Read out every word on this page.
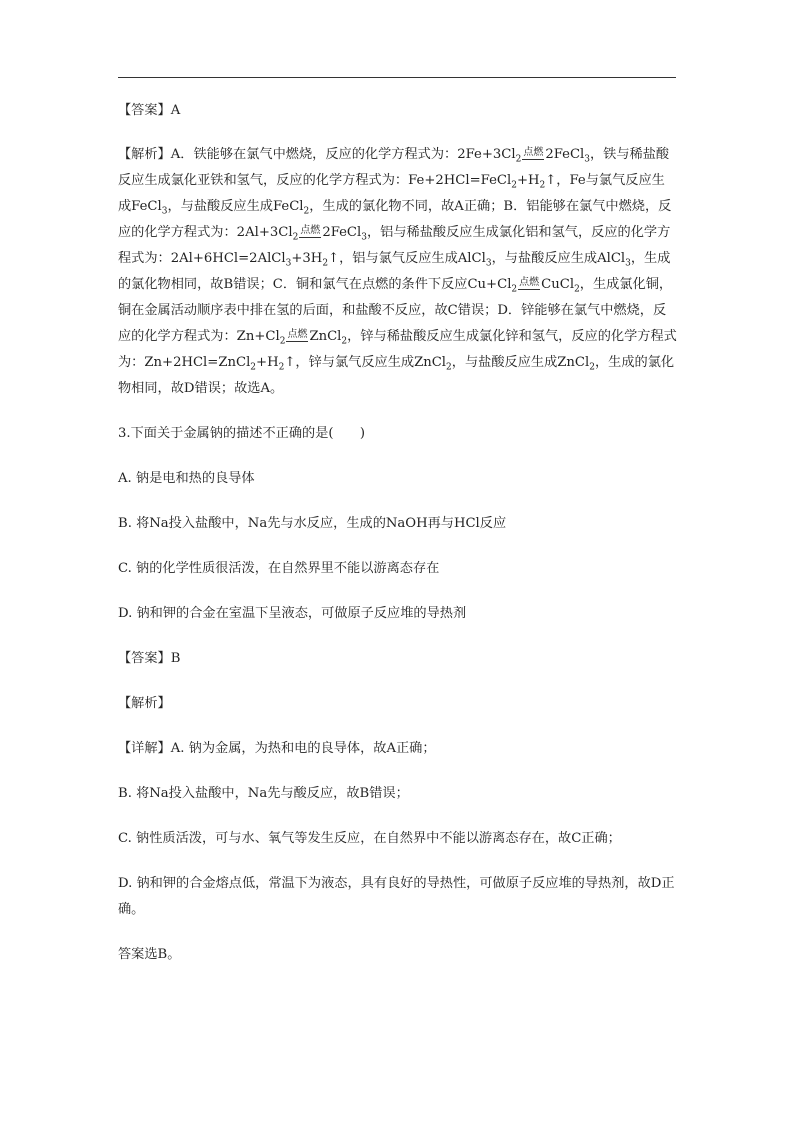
【答案】A

【解析】A．铁能够在氯气中燃烧，反应的化学方程式为：$2Fe+3Cl_2$点燃 2FeCl$_3$，铁与稀盐酸反应生成氯化亚铁和氢气，反应的化学方程式为：$Fe+2HCl=FeCl_2+H_2↑$，Fe与氯气反应生成FeCl$_3$，与盐酸反应生成FeCl$_2$，生成的氯化物不同，故A正确；B．铝能够在氯气中燃烧，反应的化学方程式为：$2Al+3Cl_2$点燃 2FeCl$_3$，铝与稀盐酸反应生成氯化铝和氢气，反应的化学方程式为：$2Al+6HCl=2AlCl_3+3H_2↑$，铝与氯气反应生成AlCl$_3$，与盐酸反应生成AlCl$_3$，生成的氯化物相同，故B错误；C．铜和氯气在点燃的条件下反应$Cu+Cl_2$点燃 CuCl$_2$，生成氯化铜，铜在金属活动顺序表中排在氢的后面，和盐酸不反应，故C错误；D．锌能够在氯气中燃烧，反应的化学方程式为：$Zn+Cl_2$点燃 ZnCl$_2$，锌与稀盐酸反应生成氯化锌和氢气，反应的化学方程式为：$Zn+2HCl=ZnCl_2+H_2↑$，锌与氯气反应生成ZnCl$_2$，与盐酸反应生成ZnCl$_2$，生成的氯化物相同，故D错误；故选A。

3.下面关于金属钠的描述不正确的是(　　)

A. 钠是电和热的良导体

B. 将Na投入盐酸中，Na先与水反应，生成的NaOH再与HCl反应

C. 钠的化学性质很活泼，在自然界里不能以游离态存在

D. 钠和钾的合金在室温下呈液态，可做原子反应堆的导热剂

【答案】B

【解析】

【详解】A. 钠为金属，为热和电的良导体，故A正确；

B. 将Na投入盐酸中，Na先与酸反应，故B错误；

C. 钠性质活泼，可与水、氧气等发生反应，在自然界中不能以游离态存在，故C正确；

D. 钠和钾的合金熔点低，常温下为液态，具有良好的导热性，可做原子反应堆的导热剂，故D正确。

答案选B。
